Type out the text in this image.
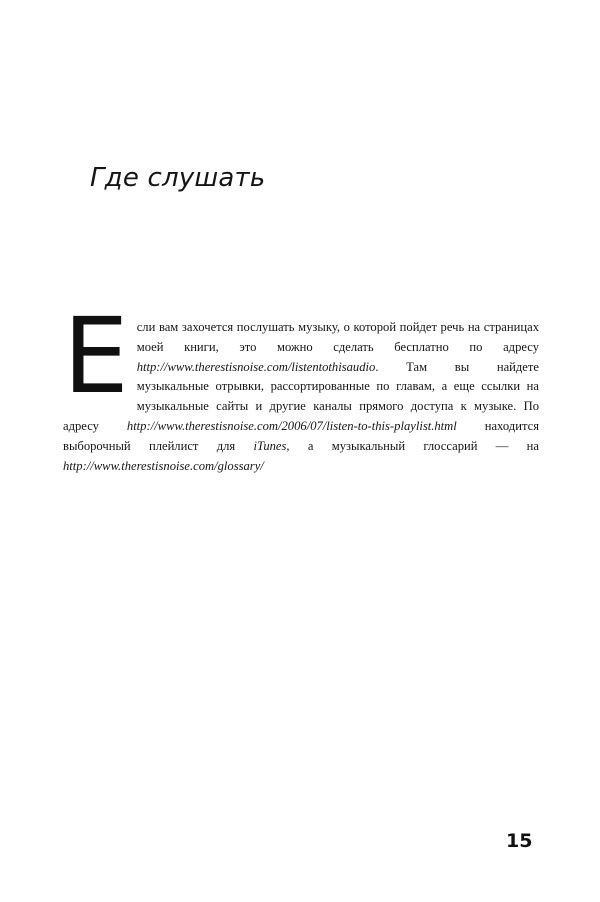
Где слушать

Если вам захочется послушать музыку, о которой пойдет речь на страницах моей книги, это можно сделать бесплатно по адресу http://www.therestisnoise.com/listentothisaudio. Там вы найдете музыкальные отрывки, рассортированные по главам, а еще ссылки на музыкальные сайты и другие каналы прямого доступа к музыке. По адресу http://www.therestisnoise.com/2006/07/listen-to-this-playlist.html находится выборочный плейлист для iTunes, а музыкальный глоссарий — на http://www.therestisnoise.com/glossary/

15
